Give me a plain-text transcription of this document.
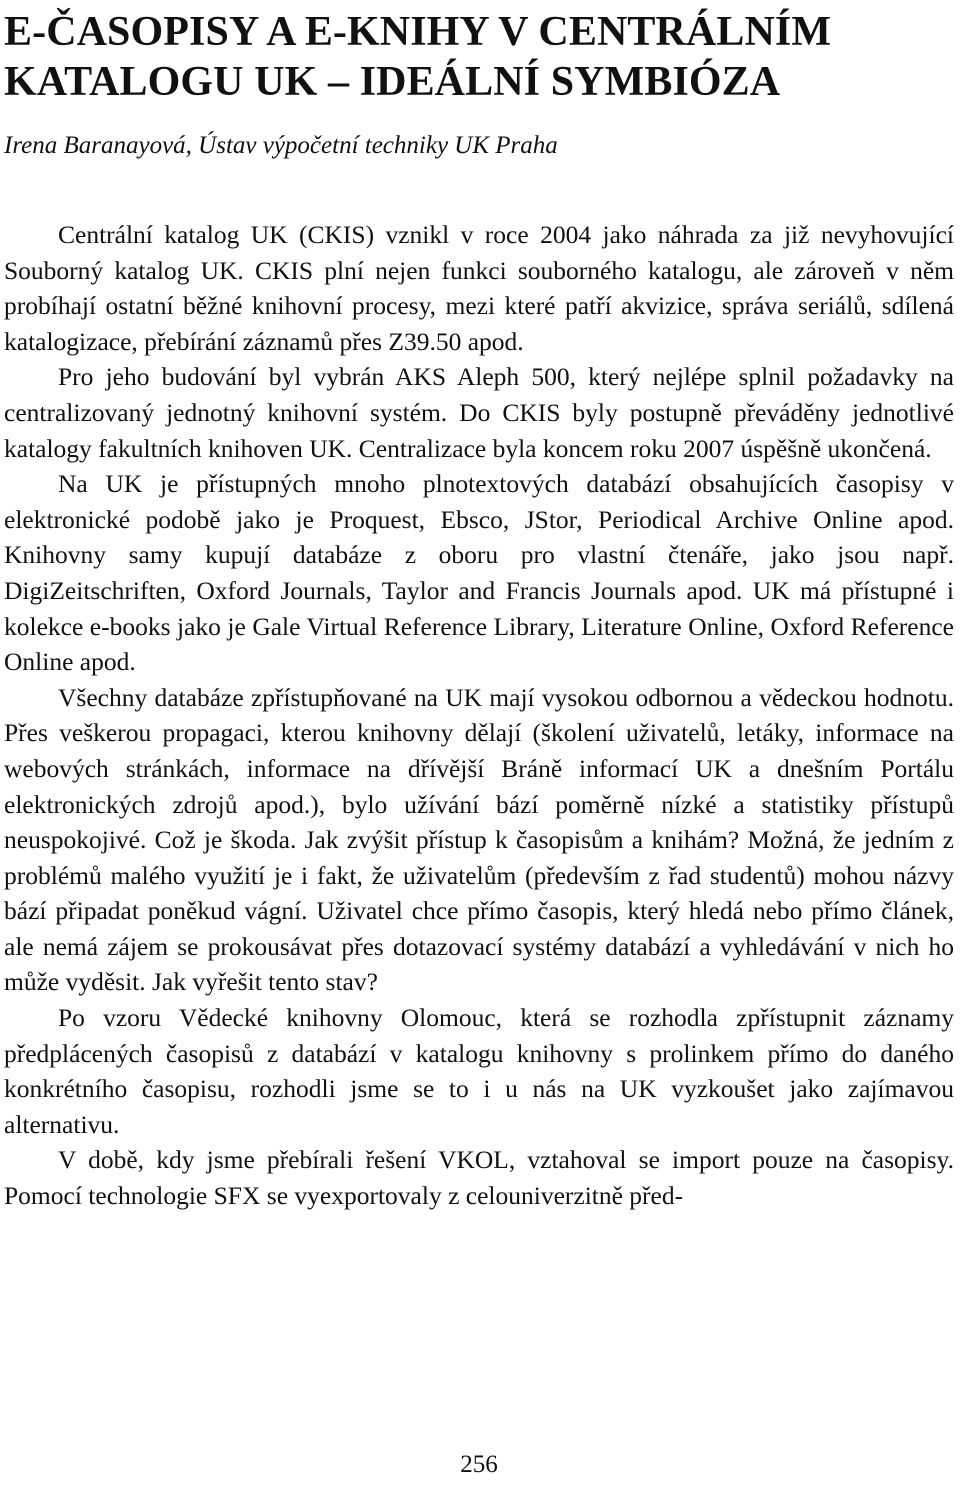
E-ČASOPISY A E-KNIHY V CENTRÁLNÍM KATALOGU UK – IDEÁLNÍ SYMBIÓZA

Irena Baranayová, Ústav výpočetní techniky UK Praha

Centrální katalog UK (CKIS) vznikl v roce 2004 jako náhrada za již nevyhovující Souborný katalog UK. CKIS plní nejen funkci souborného katalogu, ale zároveň v něm probíhají ostatní běžné knihovní procesy, mezi které patří akvizice, správa seriálů, sdílená katalogizace, přebírání záznamů přes Z39.50 apod.

Pro jeho budování byl vybrán AKS Aleph 500, který nejlépe splnil požadavky na centralizovaný jednotný knihovní systém. Do CKIS byly postupně převáděny jednotlivé katalogy fakultních knihoven UK. Centralizace byla koncem roku 2007 úspěšně ukončená.

Na UK je přístupných mnoho plnotextových databází obsahujících časopisy v elektronické podobě jako je Proquest, Ebsco, JStor, Periodical Archive Online apod. Knihovny samy kupují databáze z oboru pro vlastní čtenáře, jako jsou např. DigiZeitschriften, Oxford Journals, Taylor and Francis Journals apod. UK má přístupné i kolekce e-books jako je Gale Virtual Reference Library, Literature Online, Oxford Reference Online apod.

Všechny databáze zpřístupňované na UK mají vysokou odbornou a vědeckou hodnotu. Přes veškerou propagaci, kterou knihovny dělají (školení uživatelů, letáky, informace na webových stránkách, informace na dřívější Bráně informací UK a dnešním Portálu elektronických zdrojů apod.), bylo užívání bází poměrně nízké a statistiky přístupů neuspokojivé. Což je škoda. Jak zvýšit přístup k časopisům a knihám? Možná, že jedním z problémů malého využití je i fakt, že uživatelům (především z řad studentů) mohou názvy bází připadat poněkud vágní. Uživatel chce přímo časopis, který hledá nebo přímo článek, ale nemá zájem se prokousávat přes dotazovací systémy databází a vyhledávání v nich ho může vyděsit. Jak vyřešit tento stav?

Po vzoru Vědecké knihovny Olomouc, která se rozhodla zpřístupnit záznamy předplácených časopisů z databází v katalogu knihovny s prolinkem přímo do daného konkrétního časopisu, rozhodli jsme se to i u nás na UK vyzkoušet jako zajímavou alternativu.

V době, kdy jsme přebírali řešení VKOL, vztahoval se import pouze na časopisy. Pomocí technologie SFX se vyexportovaly z celouniverzitně před-

256
